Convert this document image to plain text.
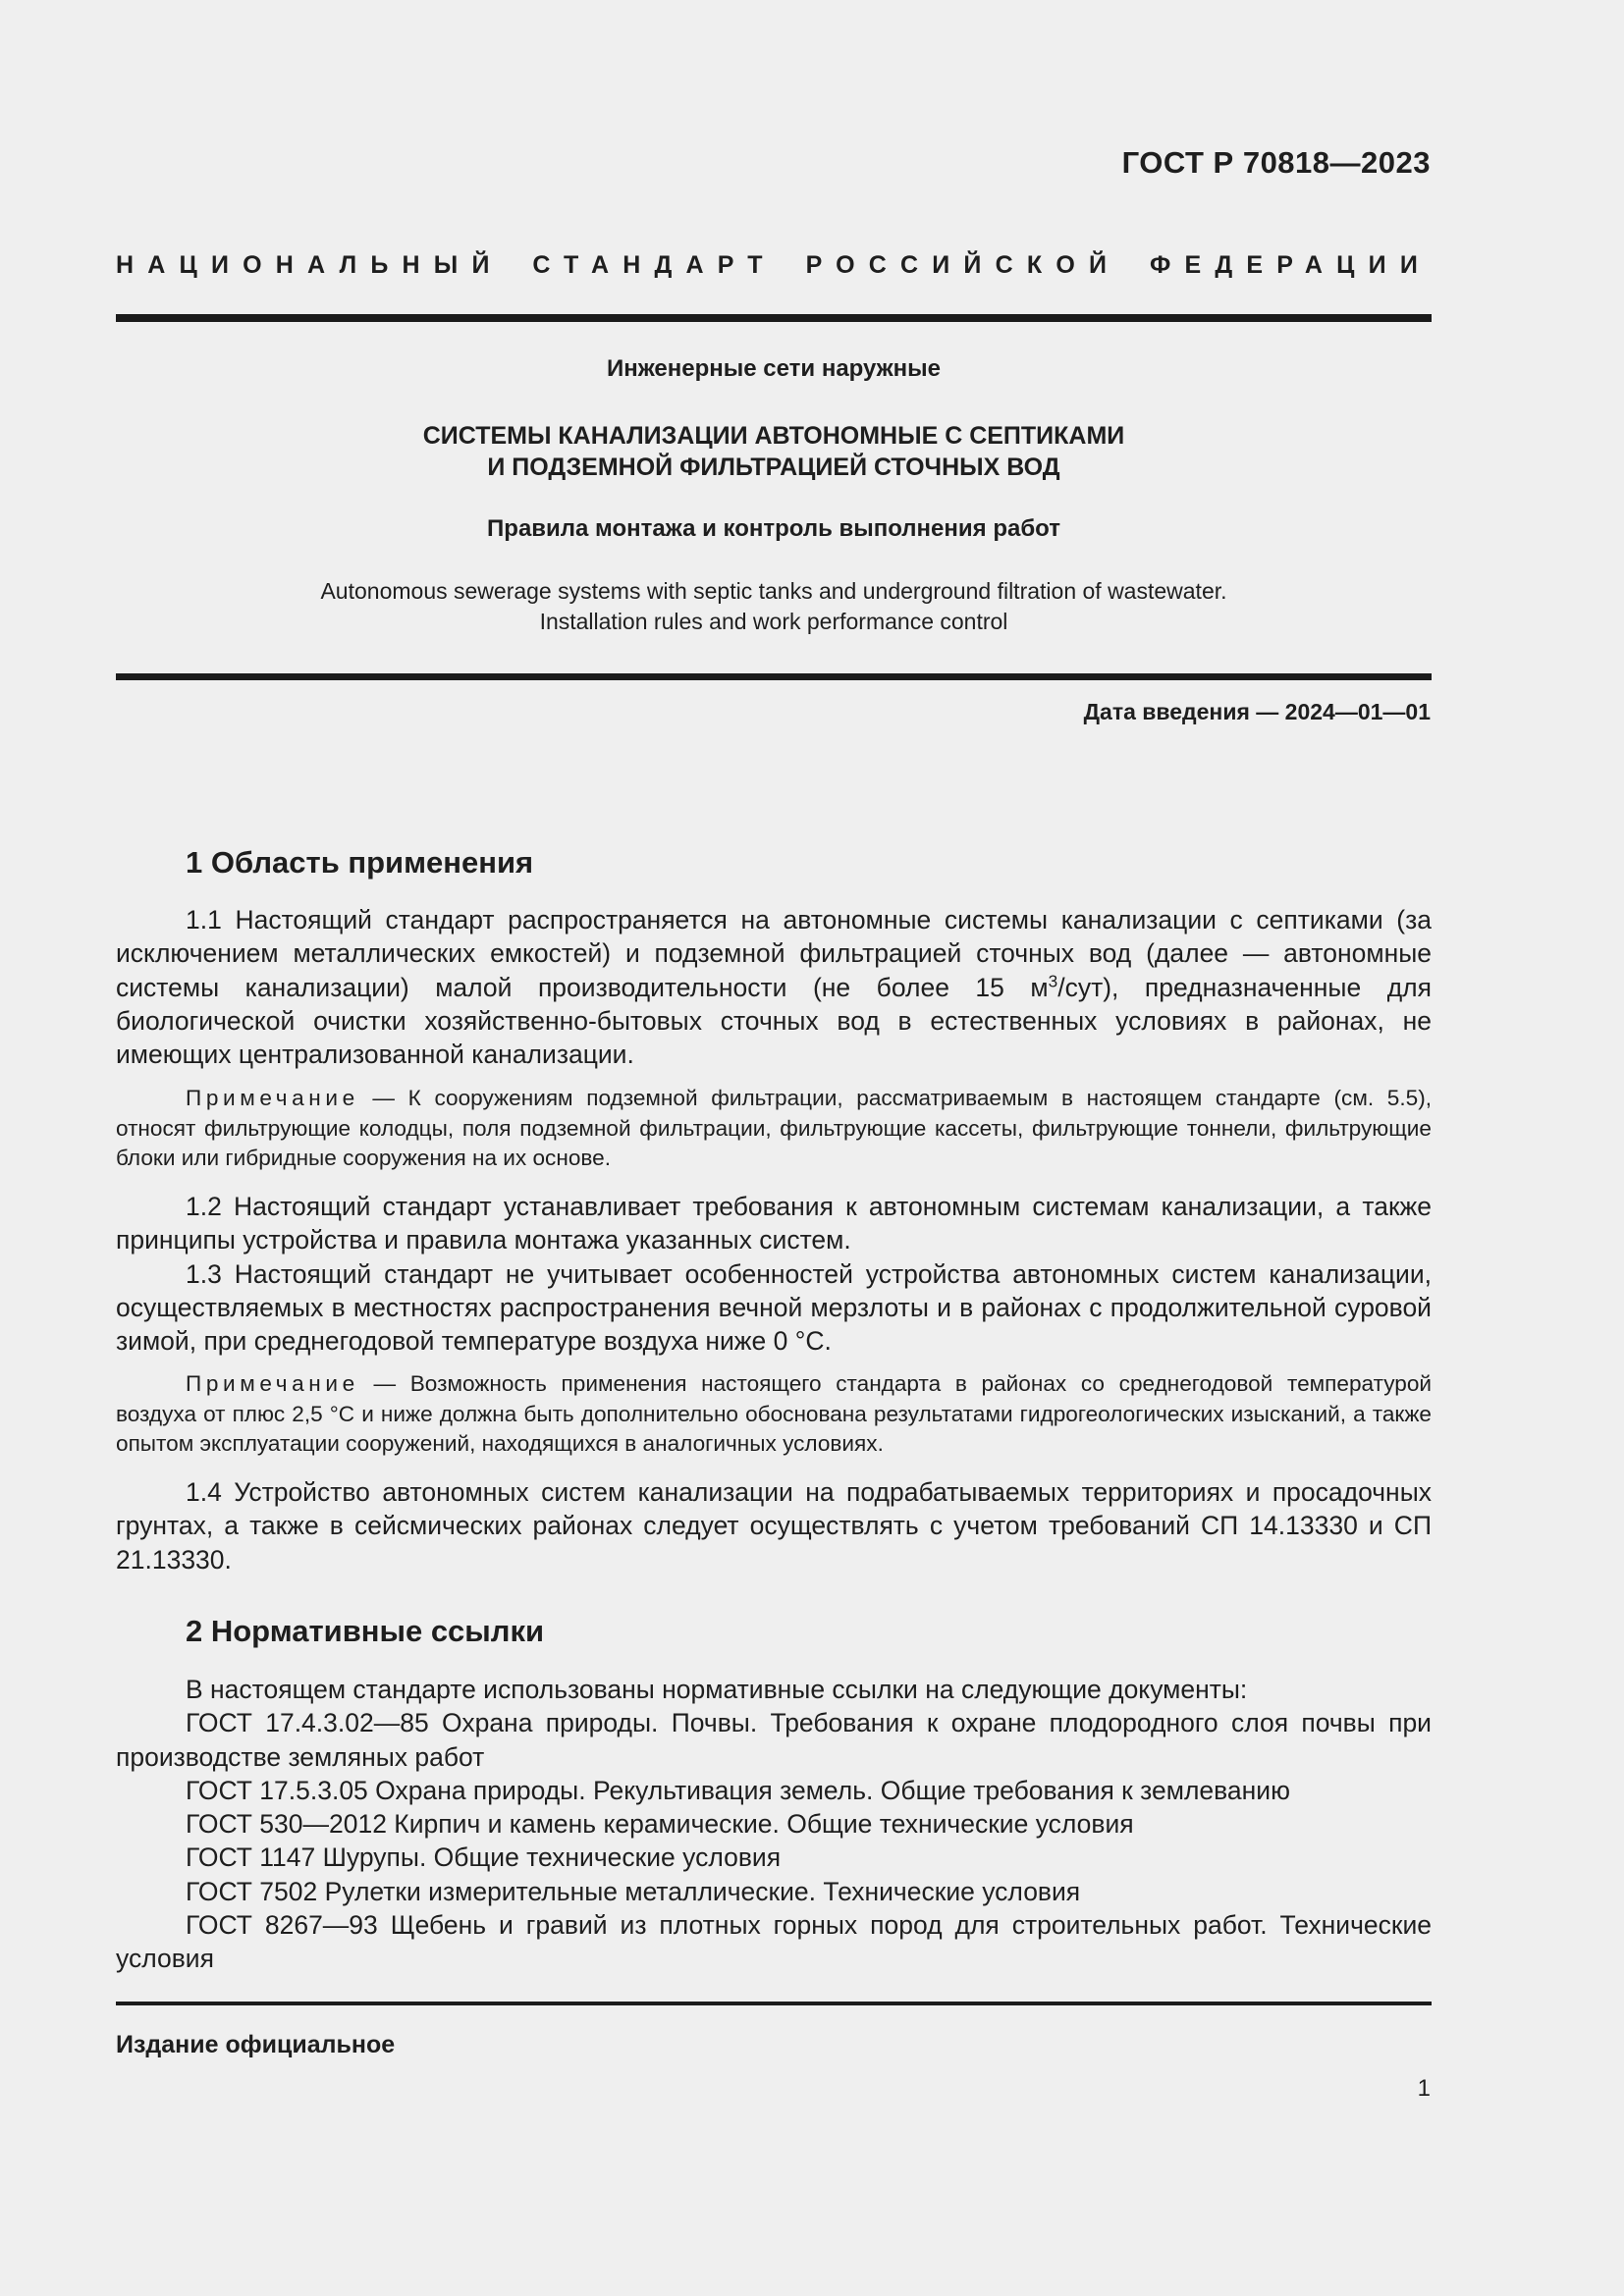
ГОСТ Р 70818—2023
НАЦИОНАЛЬНЫЙ СТАНДАРТ РОССИЙСКОЙ ФЕДЕРАЦИИ
Инженерные сети наружные
СИСТЕМЫ КАНАЛИЗАЦИИ АВТОНОМНЫЕ С СЕПТИКАМИ
И ПОДЗЕМНОЙ ФИЛЬТРАЦИЕЙ СТОЧНЫХ ВОД
Правила монтажа и контроль выполнения работ
Autonomous sewerage systems with septic tanks and underground filtration of wastewater.
Installation rules and work performance control
Дата введения — 2024—01—01
1 Область применения

1.1 Настоящий стандарт распространяется на автономные системы канализации с септиками (за исключением металлических емкостей) и подземной фильтрацией сточных вод (далее — автономные системы канализации) малой производительности (не более 15 $м^3/сут$), предназначенные для биологической очистки хозяйственно-бытовых сточных вод в естественных условиях в районах, не имеющих централизованной канализации.

Примечание — К сооружениям подземной фильтрации, рассматриваемым в настоящем стандарте (см. 5.5), относят фильтрующие колодцы, поля подземной фильтрации, фильтрующие кассеты, фильтрующие тоннели, фильтрующие блоки или гибридные сооружения на их основе.

1.2 Настоящий стандарт устанавливает требования к автономным системам канализации, а также принципы устройства и правила монтажа указанных систем.

1.3 Настоящий стандарт не учитывает особенностей устройства автономных систем канализации, осуществляемых в местностях распространения вечной мерзлоты и в районах с продолжительной суровой зимой, при среднегодовой температуре воздуха ниже 0 °С.

Примечание — Возможность применения настоящего стандарта в районах со среднегодовой температурой воздуха от плюс 2,5 °С и ниже должна быть дополнительно обоснована результатами гидрогеологических изысканий, а также опытом эксплуатации сооружений, находящихся в аналогичных условиях.

1.4 Устройство автономных систем канализации на подрабатываемых территориях и просадочных грунтах, а также в сейсмических районах следует осуществлять с учетом требований СП 14.13330 и СП 21.13330.

2 Нормативные ссылки

В настоящем стандарте использованы нормативные ссылки на следующие документы:

ГОСТ 17.4.3.02—85 Охрана природы. Почвы. Требования к охране плодородного слоя почвы при производстве земляных работ

ГОСТ 17.5.3.05 Охрана природы. Рекультивация земель. Общие требования к землеванию

ГОСТ 530—2012 Кирпич и камень керамические. Общие технические условия

ГОСТ 1147 Шурупы. Общие технические условия

ГОСТ 7502 Рулетки измерительные металлические. Технические условия

ГОСТ 8267—93 Щебень и гравий из плотных горных пород для строительных работ. Технические условия

Издание официальное
1
